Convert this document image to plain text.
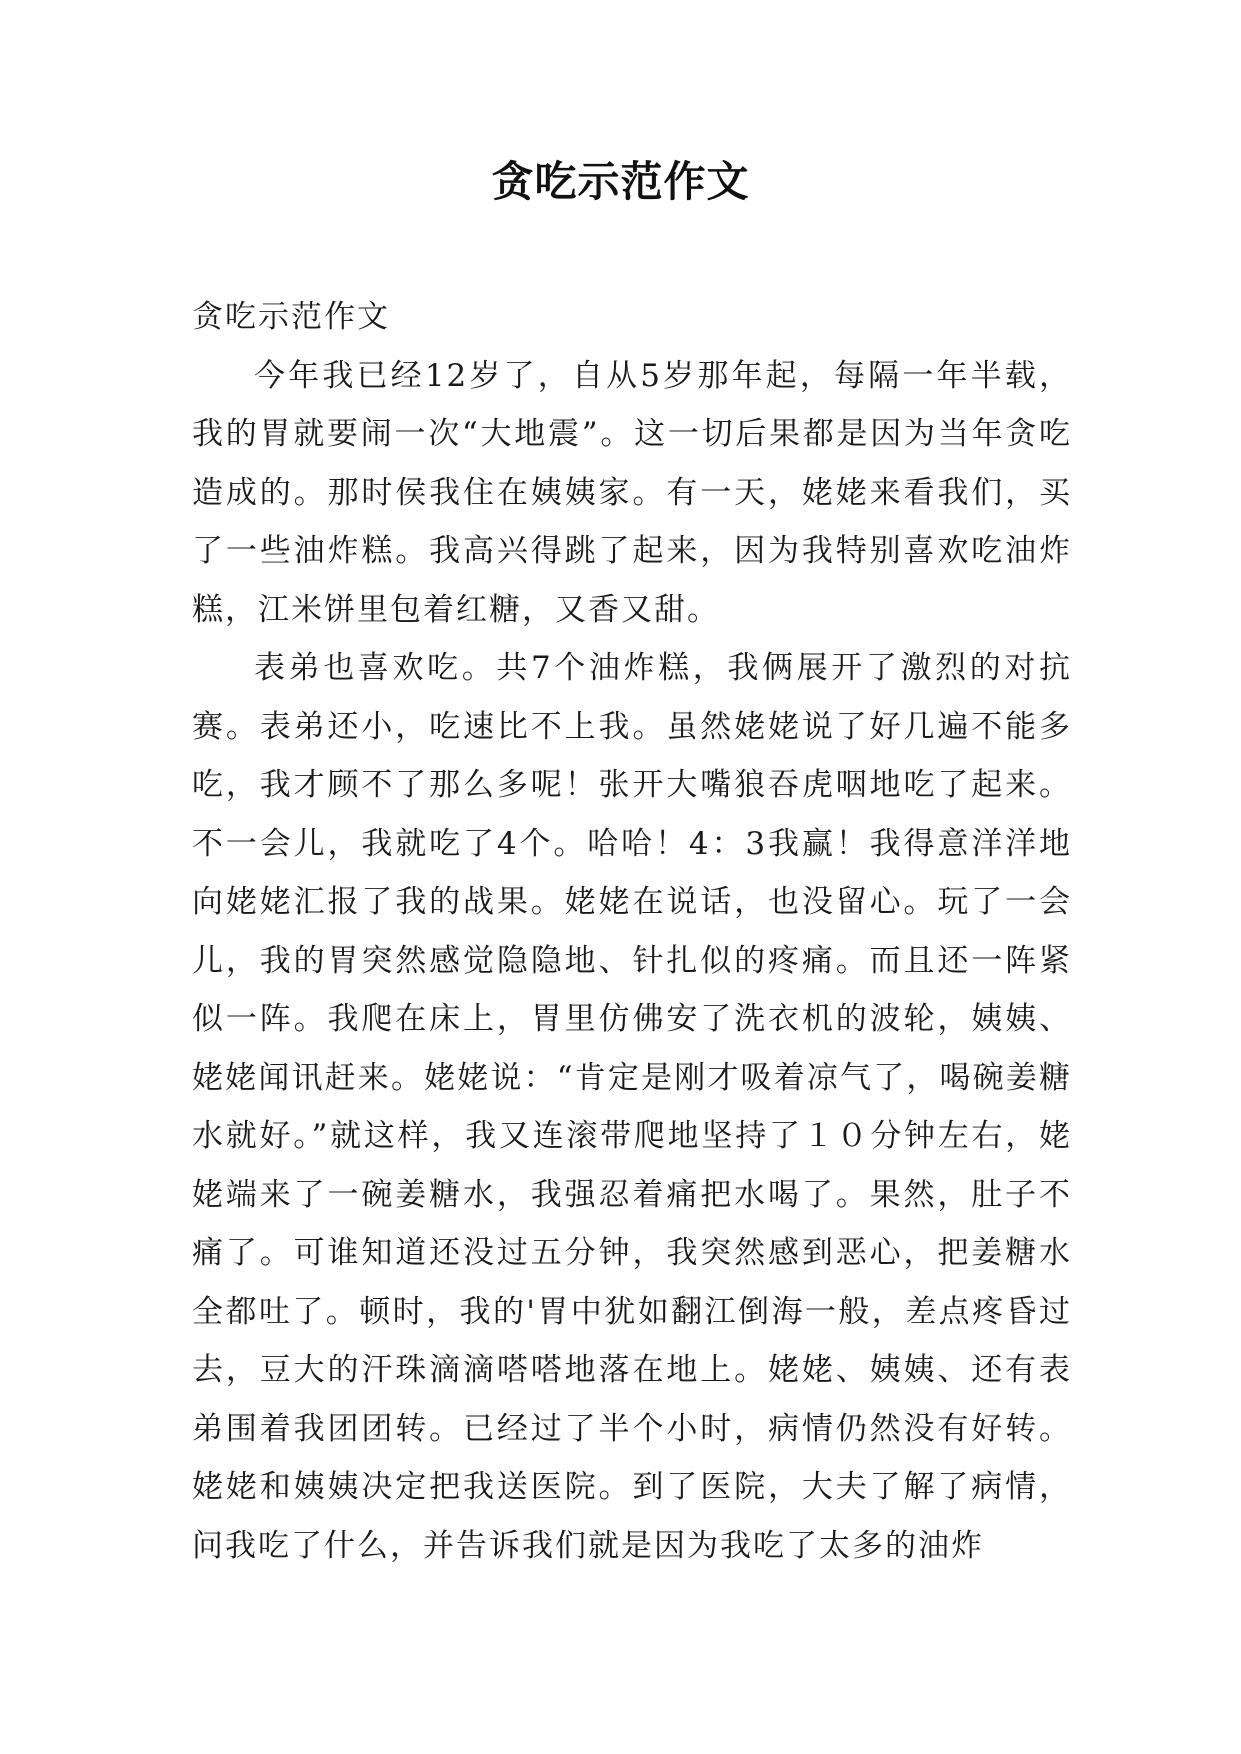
贪吃示范作文

贪吃示范作文

今年我已经12岁了，自从5岁那年起，每隔一年半载，我的胃就要闹一次“大地震”。这一切后果都是因为当年贪吃造成的。那时侯我住在姨姨家。有一天，姥姥来看我们，买了一些油炸糕。我高兴得跳了起来，因为我特别喜欢吃油炸糕，江米饼里包着红糖，又香又甜。

表弟也喜欢吃。共7个油炸糕，我俩展开了激烈的对抗赛。表弟还小，吃速比不上我。虽然姥姥说了好几遍不能多吃，我才顾不了那么多呢！张开大嘴狼吞虎咽地吃了起来。不一会儿，我就吃了4个。哈哈！4：3我赢！我得意洋洋地向姥姥汇报了我的战果。姥姥在说话，也没留心。玩了一会儿，我的胃突然感觉隐隐地、针扎似的疼痛。而且还一阵紧似一阵。我爬在床上，胃里仿佛安了洗衣机的波轮，姨姨、姥姥闻讯赶来。姥姥说：“肯定是刚才吸着凉气了，喝碗姜糖水就好。”就这样，我又连滚带爬地坚持了１０分钟左右，姥姥端来了一碗姜糖水，我强忍着痛把水喝了。果然，肚子不痛了。可谁知道还没过五分钟，我突然感到恶心，把姜糖水全都吐了。顿时，我的'胃中犹如翻江倒海一般，差点疼昏过去，豆大的汗珠滴滴嗒嗒地落在地上。姥姥、姨姨、还有表弟围着我团团转。已经过了半个小时，病情仍然没有好转。姥姥和姨姨决定把我送医院。到了医院，大夫了解了病情，问我吃了什么，并告诉我们就是因为我吃了太多的油炸
